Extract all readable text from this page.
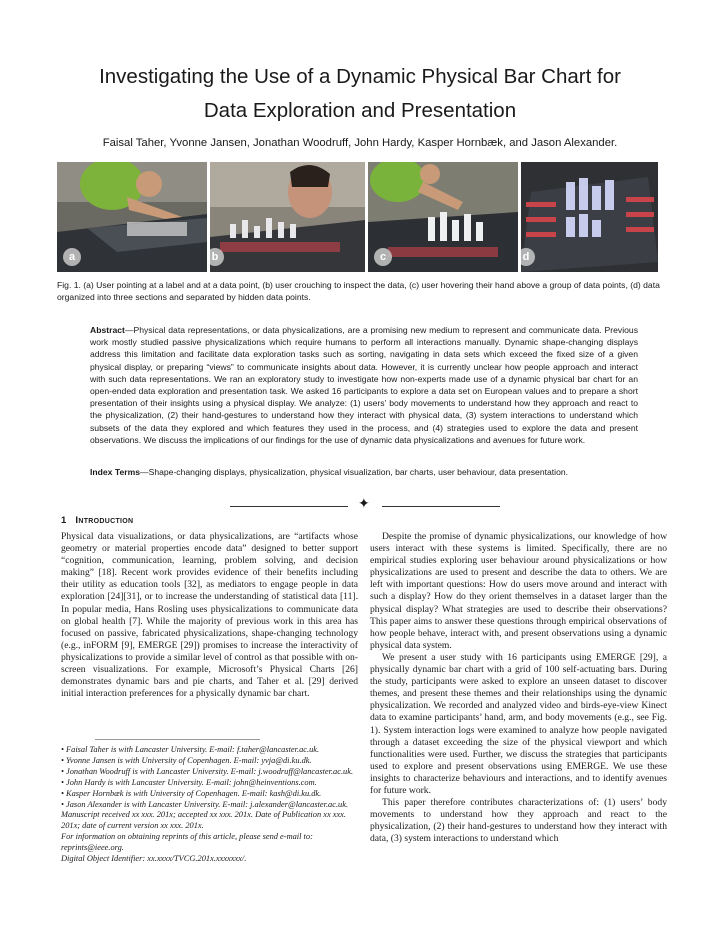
Investigating the Use of a Dynamic Physical Bar Chart for
Data Exploration and Presentation
Faisal Taher, Yvonne Jansen, Jonathan Woodruff, John Hardy, Kasper Hornbæk, and Jason Alexander.
a	b	c	d
Fig. 1. (a) User pointing at a label and at a data point, (b) user crouching to inspect the data, (c) user hovering their hand above a group of data points, (d) data organized into three sections and separated by hidden data points.
Abstract—Physical data representations, or data physicalizations, are a promising new medium to represent and communicate data. Previous work mostly studied passive physicalizations which require humans to perform all interactions manually. Dynamic shape-changing displays address this limitation and facilitate data exploration tasks such as sorting, navigating in data sets which exceed the fixed size of a given physical display, or preparing “views” to communicate insights about data. However, it is currently unclear how people approach and interact with such data representations. We ran an exploratory study to investigate how non-experts made use of a dynamic physical bar chart for an open-ended data exploration and presentation task. We asked 16 participants to explore a data set on European values and to prepare a short presentation of their insights using a physical display. We analyze: (1) users’ body movements to understand how they approach and react to the physicalization, (2) their hand-gestures to understand how they interact with physical data, (3) system interactions to understand which subsets of the data they explored and which features they used in the process, and (4) strategies used to explore the data and present observations. We discuss the implications of our findings for the use of dynamic data physicalizations and avenues for future work.
Index Terms—Shape-changing displays, physicalization, physical visualization, bar charts, user behaviour, data presentation.
✦
1 Introduction

Physical data visualizations, or data physicalizations, are “artifacts whose geometry or material properties encode data” designed to better support “cognition, communication, learning, problem solving, and decision making” [18]. Recent work provides evidence of their benefits including their utility as education tools [32], as mediators to engage people in data exploration [24][31], or to increase the understanding of statistical data [11]. In popular media, Hans Rosling uses physicalizations to communicate data on global health [7]. While the majority of previous work in this area has focused on passive, fabricated physicalizations, shape-changing technology (e.g., inFORM [9], EMERGE [29]) promises to increase the interactivity of physicalizations to provide a similar level of control as that possible with on-screen visualizations. For example, Microsoft’s Physical Charts [26] demonstrates dynamic bars and pie charts, and Taher et al. [29] derived initial interaction preferences for a physically dynamic bar chart.

• Faisal Taher is with Lancaster University. E-mail: f.taher@lancaster.ac.uk.
• Yvonne Jansen is with University of Copenhagen. E-mail: yvja@di.ku.dk.
• Jonathan Woodruff is with Lancaster University. E-mail: j.woodruff@lancaster.ac.uk.
• John Hardy is with Lancaster University. E-mail: john@heinventions.com.
• Kasper Hornbæk is with University of Copenhagen. E-mail: kash@di.ku.dk.
• Jason Alexander is with Lancaster University. E-mail: j.alexander@lancaster.ac.uk.
Manuscript received xx xxx. 201x; accepted xx xxx. 201x. Date of Publication xx xxx. 201x; date of current version xx xxx. 201x.
For information on obtaining reprints of this article, please send e-mail to: reprints@ieee.org.
Digital Object Identifier: xx.xxxx/TVCG.201x.xxxxxxx/.

Despite the promise of dynamic physicalizations, our knowledge of how users interact with these systems is limited. Specifically, there are no empirical studies exploring user behaviour around physicalizations or how physicalizations are used to present and describe the data to others. We are left with important questions: How do users move around and interact with such a display? How do they orient themselves in a dataset larger than the physical display? What strategies are used to describe their observations? This paper aims to answer these questions through empirical observations of how people behave, interact with, and present observations using a dynamic physical data system.

We present a user study with 16 participants using EMERGE [29], a physically dynamic bar chart with a grid of 100 self-actuating bars. During the study, participants were asked to explore an unseen dataset to discover themes, and present these themes and their relationships using the dynamic physicalization. We recorded and analyzed video and birds-eye-view Kinect data to examine participants’ hand, arm, and body movements (e.g., see Fig. 1). System interaction logs were examined to analyze how people navigated through a dataset exceeding the size of the physical viewport and which functionalities were used. Further, we discuss the strategies that participants used to explore and present observations using EMERGE. We use these insights to characterize behaviours and interactions, and to identify avenues for future work.

This paper therefore contributes characterizations of: (1) users’ body movements to understand how they approach and react to the physicalization, (2) their hand-gestures to understand how they interact with data, (3) system interactions to understand which
